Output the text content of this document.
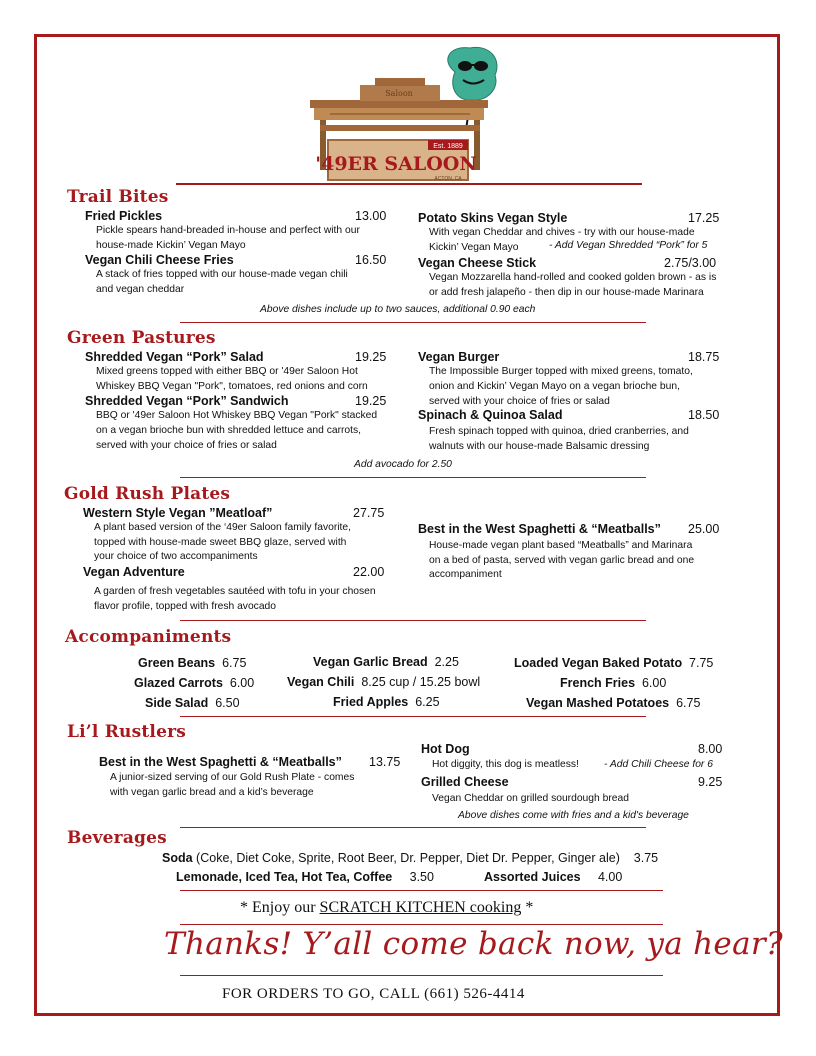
Saloon
Est. 1889
'49ER SALOON
ACTON, CA
Trail Bites
Fried Pickles	13.00
Pickle spears hand-breaded in-house and perfect with our
house-made Kickin’ Vegan Mayo
Vegan Chili Cheese Fries	16.50
A stack of fries topped with our house-made vegan chili
and vegan cheddar
Potato Skins Vegan Style	17.25
With vegan Cheddar and chives - try with our house-made
Kickin’ Vegan Mayo	- Add Vegan Shredded “Pork” for 5
Vegan Cheese Stick	2.75/3.00
Vegan Mozzarella hand-rolled and cooked golden brown - as is
or add fresh jalapeño - then dip in our house-made Marinara
Above dishes include up to two sauces, additional 0.90 each
Green Pastures
Shredded Vegan “Pork” Salad	19.25
Mixed greens topped with either BBQ or '49er Saloon Hot
Whiskey BBQ Vegan "Pork", tomatoes, red onions and corn
Shredded Vegan “Pork” Sandwich	19.25
BBQ or '49er Saloon Hot Whiskey BBQ Vegan "Pork" stacked
on a vegan brioche bun with shredded lettuce and carrots,
served with your choice of fries or salad
Vegan Burger	18.75
The Impossible Burger topped with mixed greens, tomato,
onion and Kickin’ Vegan Mayo on a vegan brioche bun,
served with your choice of fries or salad
Spinach & Quinoa Salad	18.50
Fresh spinach topped with quinoa, dried cranberries, and
walnuts with our house-made Balsamic dressing
Add avocado for 2.50
Gold Rush Plates
Western Style Vegan ”Meatloaf”	27.75
A plant based version of the ‘49er Saloon family favorite,
topped with house-made sweet BBQ glaze, served with
your choice of two accompaniments
Vegan Adventure	22.00
A garden of fresh vegetables sautéed with tofu in your chosen
flavor profile, topped with fresh avocado
Best in the West Spaghetti & “Meatballs” 25.00
House-made vegan plant based “Meatballs” and Marinara
on a bed of pasta, served with vegan garlic bread and one
accompaniment
Accompaniments
Green Beans 6.75
Glazed Carrots 6.00
Side Salad 6.50
Vegan Garlic Bread 2.25
Vegan Chili 8.25 cup / 15.25 bowl
Fried Apples 6.25
Loaded Vegan Baked Potato 7.75
French Fries 6.00
Vegan Mashed Potatoes 6.75
Li’l Rustlers
Best in the West Spaghetti & “Meatballs” 13.75
A junior-sized serving of our Gold Rush Plate - comes
with vegan garlic bread and a kid’s beverage
Hot Dog	8.00
Hot diggity, this dog is meatless! - Add Chili Cheese for 6
Grilled Cheese	9.25
Vegan Cheddar on grilled sourdough bread
Above dishes come with fries and a kid's beverage
Beverages
Soda (Coke, Diet Coke, Sprite, Root Beer, Dr. Pepper, Diet Dr. Pepper, Ginger ale) 3.75
Lemonade, Iced Tea, Hot Tea, Coffee 3.50	Assorted Juices 4.00
* Enjoy our SCRATCH KITCHEN cooking *
Thanks! Y’all come back now, ya hear?
FOR ORDERS TO GO, CALL (661) 526-4414
